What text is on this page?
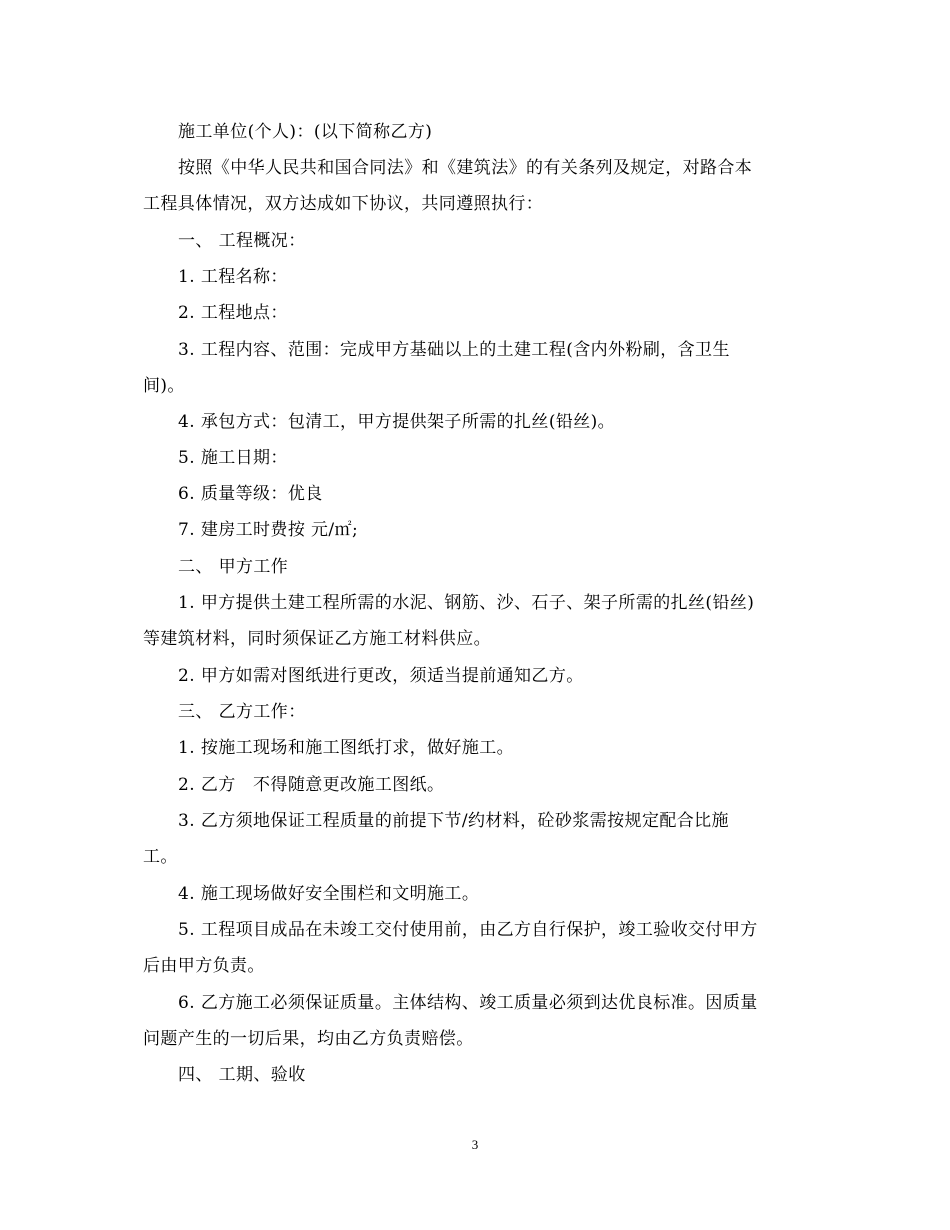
施工单位(个人)：(以下简称乙方)
按照《中华人民共和国合同法》和《建筑法》的有关条列及规定，对路合本
工程具体情况，双方达成如下协议，共同遵照执行：
一、 工程概况：
1. 工程名称：
2. 工程地点：
3. 工程内容、范围：完成甲方基础以上的土建工程(含内外粉刷，含卫生
间)。
4. 承包方式：包清工，甲方提供架子所需的扎丝(铅丝)。
5. 施工日期：
6. 质量等级：优良
7. 建房工时费按 元/㎡;
二、 甲方工作
1. 甲方提供土建工程所需的水泥、钢筋、沙、石子、架子所需的扎丝(铅丝)
等建筑材料，同时须保证乙方施工材料供应。
2. 甲方如需对图纸进行更改，须适当提前通知乙方。
三、 乙方工作：
1. 按施工现场和施工图纸打求，做好施工。
2. 乙方　不得随意更改施工图纸。
3. 乙方须地保证工程质量的前提下节/约材料，砼砂浆需按规定配合比施
工。
4. 施工现场做好安全围栏和文明施工。
5. 工程项目成品在未竣工交付使用前，由乙方自行保护，竣工验收交付甲方
后由甲方负责。
6. 乙方施工必须保证质量。主体结构、竣工质量必须到达优良标准。因质量
问题产生的一切后果，均由乙方负责赔偿。
四、 工期、验收
3
